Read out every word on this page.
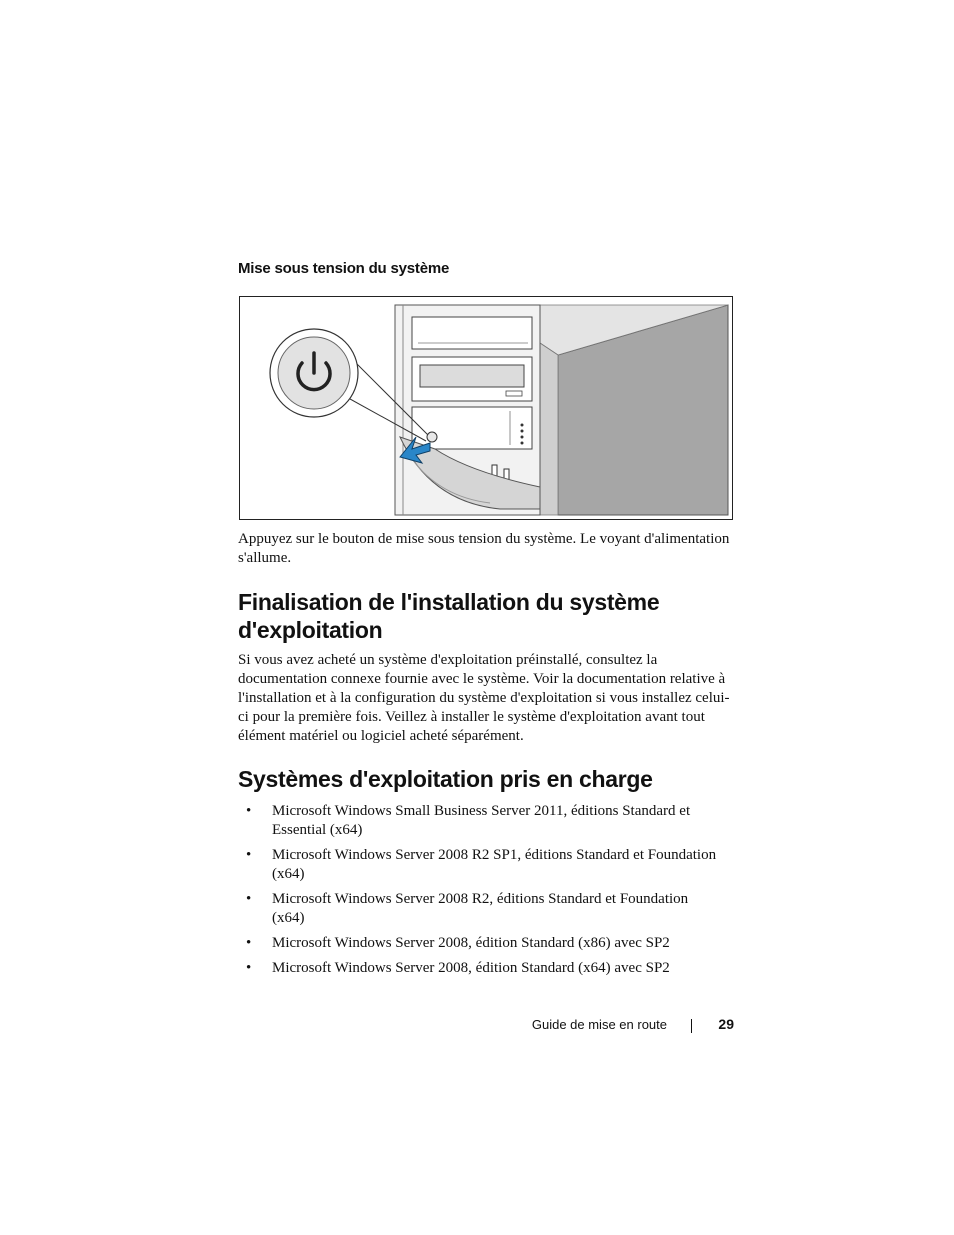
Mise sous tension du système
Appuyez sur le bouton de mise sous tension du système. Le voyant d'alimentation s'allume.
Finalisation de l'installation du système d'exploitation
Si vous avez acheté un système d'exploitation préinstallé, consultez la documentation connexe fournie avec le système. Voir la documentation relative à l'installation et à la configuration du système d'exploitation si vous installez celui-ci pour la première fois. Veillez à installer le système d'exploitation avant tout élément matériel ou logiciel acheté séparément.
Systèmes d'exploitation pris en charge
• Microsoft Windows Small Business Server 2011, éditions Standard et Essential (x64)
• Microsoft Windows Server 2008 R2 SP1, éditions Standard et Foundation (x64)
• Microsoft Windows Server 2008 R2, éditions Standard et Foundation (x64)
• Microsoft Windows Server 2008, édition Standard (x86) avec SP2
• Microsoft Windows Server 2008, édition Standard (x64) avec SP2
Guide de mise en route	29
